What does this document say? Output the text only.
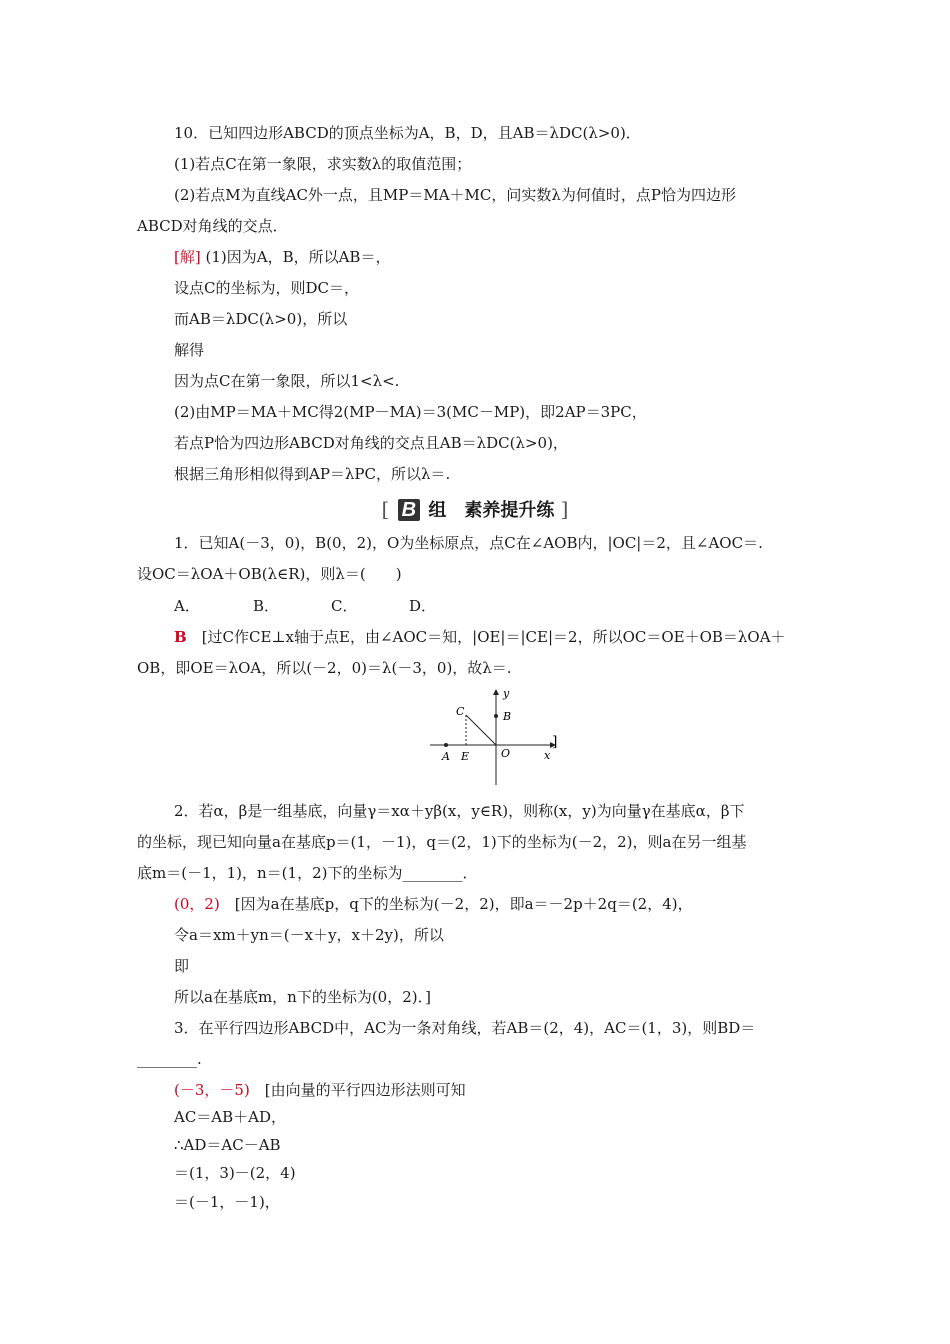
10．已知四边形ABCD的顶点坐标为A，B，D，且AB＝λDC(λ>0)．
(1)若点C在第一象限，求实数λ的取值范围；
(2)若点M为直线AC外一点，且MP＝MA＋MC，问实数λ为何值时，点P恰为四边形
ABCD对角线的交点．
[解] (1)因为A，B，所以AB＝，
设点C的坐标为，则DC＝，
而AB＝λDC(λ>0)，所以
解得
因为点C在第一象限，所以1<λ<.
(2)由MP＝MA＋MC得2(MP－MA)＝3(MC－MP)，即2AP＝3PC，
若点P恰为四边形ABCD对角线的交点且AB＝λDC(λ>0)，
根据三角形相似得到AP＝λPC，所以λ＝.
[ B 组　素养提升练 ]
1．已知A(－3，0)，B(0，2)，O为坐标原点，点C在∠AOB内，|OC|＝2，且∠AOC＝.
设OC＝λOA＋OB(λ∈R)，则λ＝(　　)
A．	B．	C．	D．
B　[过C作CE⊥x轴于点E，由∠AOC＝知，|OE|＝|CE|＝2，所以OC＝OE＋OB＝λOA＋
OB，即OE＝λOA，所以(－2，0)＝λ(－3，0)，故λ＝.
y
B
C
A E	O	x
]
2．若α，β是一组基底，向量γ＝xα＋yβ(x，y∈R)，则称(x，y)为向量γ在基底α，β下
的坐标，现已知向量a在基底p＝(1，－1)，q＝(2，1)下的坐标为(－2，2)，则a在另一组基
底m＝(－1，1)，n＝(1，2)下的坐标为________．
(0，2)　[因为a在基底p，q下的坐标为(－2，2)，即a＝－2p＋2q＝(2，4)，
令a＝xm＋yn＝(－x＋y，x＋2y)，所以
即
所以a在基底m，n下的坐标为(0，2)．]
3．在平行四边形ABCD中，AC为一条对角线，若AB＝(2，4)，AC＝(1，3)，则BD＝
________.
(－3，－5)　[由向量的平行四边形法则可知
AC＝AB＋AD，
∴AD＝AC－AB
＝(1，3)－(2，4)
＝(－1，－1)，
